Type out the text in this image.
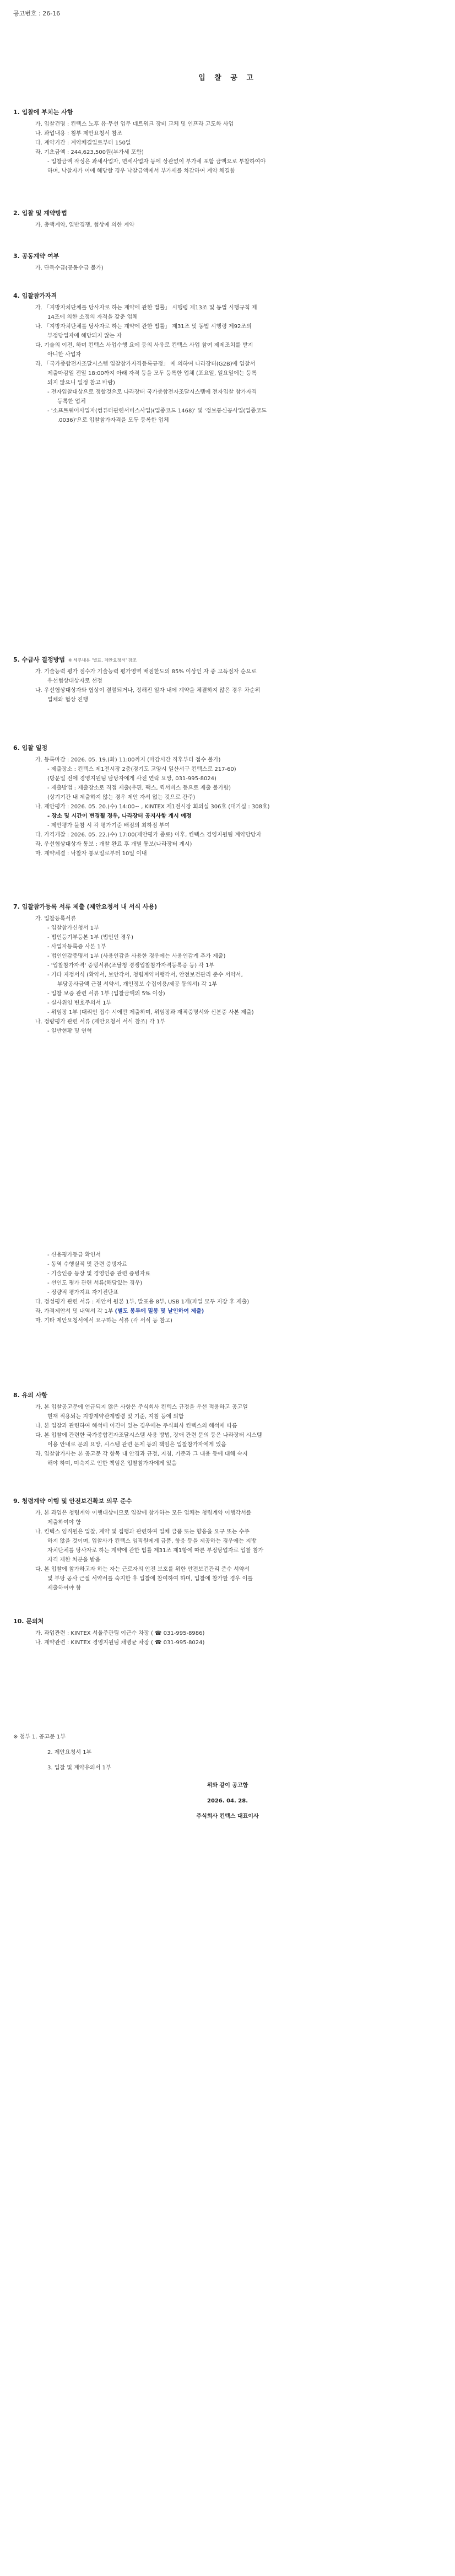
공고번호 : 26-16
입 찰 공 고
1. 입찰에 부치는 사항
가. 입찰건명 : 킨텍스 노후 유·무선 업무 네트워크 장비 교체 및 인프라 고도화 사업
나. 과업내용 : 첨부 제안요청서 참조
다. 계약기간 : 계약체결일로부터 150일
라. 기초금액 : 244,623,500원(부가세 포함)
- 입찰금액 작성은 과세사업자, 면세사업자 등에 상관없이 부가세 포함 금액으로 투찰하여야
하며, 낙찰자가 이에 해당할 경우 낙찰금액에서 부가세를 차감하여 계약 체결함
2. 입찰 및 계약방법
가. 총액계약, 일반경쟁, 협상에 의한 계약
3. 공동계약 여부
가. 단독수급(공동수급 불가)
4. 입찰참가자격
가. 「지방자치단체를 당사자로 하는 계약에 관한 법률」 시행령 제13조 및 동법 시행규칙 제
14조에 의한 소정의 자격을 갖춘 업체
나. 「지방자치단체를 당사자로 하는 계약에 관한 법률」 제31조 및 동법 시행령 제92조의
부정당업자에 해당되지 않는 자
다. 기술의 이전, 하며 킨텍스 사업수행 요에 등의 사유로 킨텍스 사업 참여 제제조치를 받지
아니한 사업자
라. 「국가종합전자조달시스템 입찰참가자격등록규정」 에 의하여 나라장터(G2B)에 입찰서
제출마감일 전일 18:00까지 아래 자격 등을 모두 등록한 업체 (포요일, 일요일에는 등록
되지 않으니 일정 참고 바람)
- 전자입찰대상으로 정할것으로 나라장터 국가종합전자조달시스템에 전자입찰 참가자격
등록한 업체
- '소프트웨어사업자(컴퓨터관련서비스사업)(업종코드 1468)' 및 '정보통신공사업(업종코드
.0036)'으로 입찰참가자격을 모두 등록한 업체
5. 수급사 결정방법 ※ 세부내용 '별표. 제안요청서' 참조
가. 기술능력 평가 점수가 기술능력 평가영역 배점한도의 85% 이상인 자 중 고득점자 순으로
우선협상대상자로 선정
나. 우선협상대상자와 협상이 결렬되거나, 정해진 일자 내에 계약을 체결하지 않은 경우 차순위
업체와 협상 진행
6. 입찰 일정
가. 등록마감 : 2026. 05. 19.(화) 11:00까지 (마감시간 직후부터 접수 불가)
- 제출장소 : 킨텍스 제1전시장 2층(경기도 고양시 일산서구 킨텍스로 217-60)
(방문일 전에 경영지원팀 담당자에게 사전 연락 요망, 031-995-8024)
- 제출방법 : 제출장소로 직접 제출(우편, 팩스, 퀵서비스 등으로 제출 불가함)
(상기기간 내 제출하지 않는 경우 제안 자서 없는 것으로 간주)
나. 제안평가 : 2026. 05. 20.(수) 14:00~ , KINTEX 제1전시장 회의실 306호 (대기실 : 308호)
- 장소 및 시간이 변경될 경우, 나라장터 공지사항 게시 예정
- 제안평가 불참 시 각 평가기준 배점의 최하점 부여
다. 가격개찰 : 2026. 05. 22.(수) 17:00(제안평가 종료) 이후, 킨텍스 경영지원팀 계약담당자
라. 우선협상대상자 통보 : 개찰 완료 후 개별 통보(나라장터 게시)
마. 계약체결 : 낙찰자 통보일로부터 10일 이내
7. 입찰참가등록 서류 제출 (제안요청서 내 서식 사용)
가. 입찰등록서류
- 입찰참가신청서 1부
- 법인등기부등본 1부 (법인인 경우)
- 사업자등록증 사본 1부
- 법인인감증명서 1부 (사용인감을 사용한 경우에는 사용인감계 추가 제출)
- '입찰참가자격' 증빙서류(조달청 경쟁입찰참가자격등록증 등) 각 1부
- 기타 지정서식 (확약서, 보안각서, 청렴계약이행각서, 안전보건관리 준수 서약서,
부당공사금액 근절 서약서, 개인정보 수집이용/제공 동의서) 각 1부
- 입찰 보증 관련 서류 1부 (입찰금액의 5% 이상)
- 실사위임 변호주의서 1부
- 위임장 1부 (대리인 접수 시에만 제출하며, 위임장과 재직증명서와 신분증 사본 제출)
나. 정량평가 관련 서류 (제안요청서 서식 참조) 각 1부
- 일반현황 및 연혁
- 신용평가등급 확인서
- 동역 수행실적 및 관련 증빙자료
- 기술인증 등장 및 경영인증 관련 증빙자료
- 선인도 평가 관련 서류(해당있는 경우)
- 정량적 평가지표 자기진단표
다. 정성평가 관련 서류 : 제안서 원본 1부, 발표용 8부, USB 1개(파일 모두 저장 후 제출)
라. 가격제안서 및 내역서 각 1부 (별도 봉투에 밀봉 및 날인하여 제출)
마. 기타 제안요청서에서 요구하는 서류 (각 서식 등 참고)
8. 유의 사항
가. 본 입찰공고문에 언급되지 않은 사항은 주식회사 킨텍스 규정을 우선 적용하고 공고일
현재 적용되는 지방계약관계법령 및 기준, 지침 등에 의함
나. 본 입찰과 관련하여 해석에 이견이 있는 경우에는 주식회사 킨텍스의 해석에 따름
다. 본 입찰에 관련한 국가종합전자조달시스템 사용 방법, 장애 관련 문의 등은 나라장터 시스템
이용 안내로 문의 요망, 시스템 관련 문제 등의 책임은 입찰참가자에게 있음
라. 입찰참가사는 본 공고문 각 항목 내 안경과 규정, 지침, 기준과 그 내용 등에 대해 숙지
해야 하며, 미숙지로 인한 책임은 입찰참가자에게 있음
9. 청렴계약 이행 및 안전보건확보 의무 준수
가. 본 과업은 청렴계약 이행대상이므로 입찰에 참가하는 모든 업체는 청렴계약 이행각서를
제출하여야 함
나. 킨텍스 임직원은 입찰, 계약 및 집행과 관련하여 일체 금품 또는 향응을 요구 또는 수주
하지 않을 것이며, 입찰사가 킨텍스 임직원에게 금품, 향응 등을 제공하는 경우에는 지방
자치단체를 당사자로 하는 계약에 관한 법률 제31조 제1항에 따른 부정당업자로 입찰 참가
자격 제한 처분을 받음
다. 본 입찰에 참가하고자 하는 자는 근로자의 안전 보호를 위한 안전보건관리 준수 서약서
및 부당 공사 근절 서약서를 숙지한 후 입찰에 참여하여 하며, 입찰에 참가할 경우 이를
제출하여야 함
10. 문의처
가. 과업관련 : KINTEX 서울주관팀 이근수 차장 ( ☎ 031-995-8986)
나. 계약관련 : KINTEX 경영지원팀 채병균 차장 ( ☎ 031-995-8024)
※ 첨부 1. 공고문 1부
2. 제안요청서 1부
3. 입찰 및 계약유의서 1부
위와 같이 공고함
2026. 04. 28.
주식회사 킨텍스 대표이사
